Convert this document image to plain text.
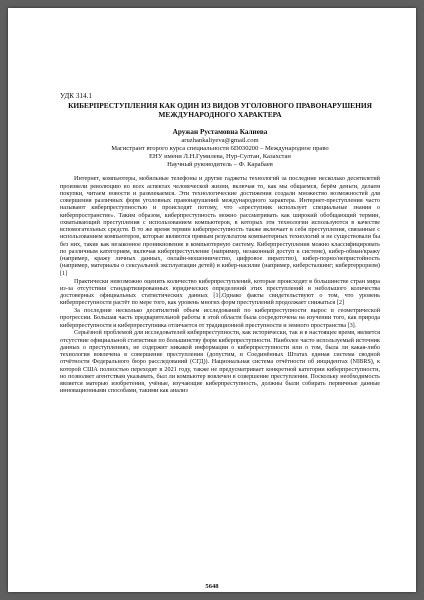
УДК 314.1
КИБЕРПРЕСТУПЛЕНИЯ КАК ОДИН ИЗ ВИДОВ УГОЛОВНОГО ПРАВОНАРУШЕНИЯ МЕЖДУНАРОДНОГО ХАРАКТЕРА
Аружан Рустамовна Калиева
aruzhankaliyeva@gmail.com
Магистрант второго курса специальности 6D030200 – Международное право
ЕНУ имени Л.Н.Гумилева, Нур-Султан, Казахстан
Научный руководитель – Ф. Карабаев

Интернет, компьютеры, мобильные телефоны и другие гаджеты технологий за последние несколько десятилетий произвели революцию во всех аспектах человеческой жизни, включая то, как мы общаемся, берём деньги, делаем покупки, читаем новости и развлекаемся. Эти технологические достижения создали множество возможностей для совершения различных форм уголовных правонарушений международного характера. Интернет-преступления часто называют киберпреступностью и происходят потому, что «преступник использует специальные знания о киберпространстве». Таким образом, киберпреступность можно рассматривать как широкий обобщающий термин, охватывающий преступления с использованием компьютеров, в которых эти технологии используются в качестве вспомогательных средств. В то же время термин киберпреступность также включает в себя преступления, связанные с использованием компьютеров, которые являются прямым результатом компьютерных технологий и не существовали бы без них, такие как незаконное проникновение в компьютерную систему. Киберпреступления можно классифицировать по различным категориям, включая киберпреступление (например, незаконный доступ к системе), кибер-обман/кражу (например, кражу личных данных, онлайн-мошенничество, цифровое пиратство), кибер-порно/непристойность (например, материалы о сексуальной эксплуатации детей) и кибер-насилие (например, киберсталкинг; кибертерроризм) [1]

Практически невозможно оценить количество киберпреступлений, которые происходят в большинстве стран мира из-за отсутствия стандартизированных юридических определений этих преступлений и небольшого количества достоверных официальных статистических данных [1].Однако факты свидетельствуют о том, что уровень киберпреступности растёт по мере того, как уровень многих форм преступлений продолжает снижаться [2]

За последние несколько десятилетий объем исследований по киберпреступности вырос в геометрической прогрессии. Большая часть предварительной работы в этой области была сосредоточена на изучении того, как природа киберпреступности и киберпреступника отличается от традиционной преступности и земного пространства [3].

Серьёзной проблемой для исследователей киберпреступности, как исторически, так и в настоящее время, является отсутствие официальной статистики по большинству форм киберпреступности. Наиболее часто используемый источник данных о преступлениях, не содержит никакой информации о киберпреступности или о том, была ли какая-либо технология вовлечена в совершение преступления (допустим, в Соединённых Штатах единая система сводной отчётности Федерального бюро расследований (СГД)). Национальная система отчётности об инцидентах (NIBRS), к которой США полностью переходят в 2021 году, также не предусматривает конкретной категории киберпреступности, но позволяет агентствам указывать, был ли компьютер вовлечен в совершение преступления. Поскольку необходимость является матерью изобретения, учёные, изучающие киберпреступность, должны были собирать первичные данные инновационными способами, такими как анализ

5648
